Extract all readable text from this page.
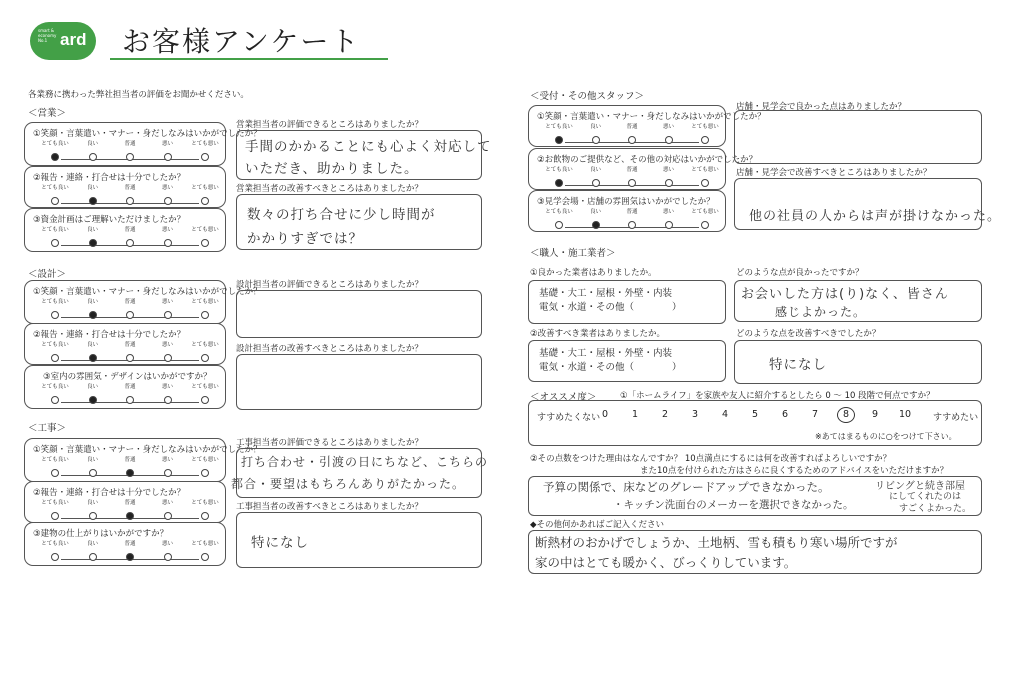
smart & economy No.1 ard お客様アンケート
各業務に携わった弊社担当者の評価をお聞かせください。
＜営業＞
①笑顔・言葉遣い・マナー・身だしなみはいかがでしたか？
とても良い	良い	普通	悪い	とても悪い
②報告・連絡・打合せは十分でしたか？
とても良い	良い	普通	悪い	とても悪い
③資金計画はご理解いただけましたか？
とても良い	良い	普通	悪い	とても悪い
営業担当者の評価できるところはありましたか？
手間のかかることにも心よく対応して
いただき、助かりました。
営業担当者の改善すべきところはありましたか？
数々の打ち合せに少し時間が
かかりすぎでは？
＜設計＞
①笑顔・言葉遣い・マナー・身だしなみはいかがでしたか？
とても良い	良い	普通	悪い	とても悪い
②報告・連絡・打合せは十分でしたか？
とても良い	良い	普通	悪い	とても悪い
③室内の雰囲気・デザインはいかがですか？
とても良い	良い	普通	悪い	とても悪い
設計担当者の評価できるところはありましたか？
設計担当者の改善すべきところはありましたか？
＜工事＞
①笑顔・言葉遣い・マナー・身だしなみはいかがでしたか？
とても良い	良い	普通	悪い	とても悪い
②報告・連絡・打合せは十分でしたか？
とても良い	良い	普通	悪い	とても悪い
③建物の仕上がりはいかがですか？
とても良い	良い	普通	悪い	とても悪い
工事担当者の評価できるところはありましたか？
打ち合わせ・引渡の日にちなど、こちらの
都合・要望はもちろんありがたかった。
工事担当者の改善すべきところはありましたか？
特になし
＜受付・その他スタッフ＞
①笑顔・言葉遣い・マナー・身だしなみはいかがでしたか？
とても良い	良い	普通	悪い	とても悪い
②お飲物のご提供など、その他の対応はいかがでしたか？
とても良い	良い	普通	悪い	とても悪い
③見学会場・店舗の雰囲気はいかがでしたか？
とても良い	良い	普通	悪い	とても悪い
店舗・見学会で良かった点はありましたか？
店舗・見学会で改善すべきところはありましたか？
他の社員の人からは声が掛けなかった。
＜職人・施工業者＞
①良かった業者はありましたか。
基礎・大工・屋根・外壁・内装
電気・水道・その他（　　　　）
どのような点が良かったですか？
お会いした方は(り)なく、皆さん
感じよかった。
②改善すべき業者はありましたか。
基礎・大工・屋根・外壁・内装
電気・水道・その他（　　　　）
どのような点を改善すべきでしたか？
特になし
＜オススメ度＞	①「ホームライフ」を家族や友人に紹介するとしたら 0 〜 10 段階で何点ですか？
すすめたくない	すすめたい
0	1	2	3	4	5	6	7	8	9	10
※あてはまるものに○をつけて下さい。
②その点数をつけた理由はなんですか？ 10点満点にするには何を改善すればよろしいですか？
また10点を付けられた方はさらに良くするためのアドバイスをいただけますか？
予算の関係で、床などのグレードアップできなかった。
・キッチン洗面台のメーカーを選択できなかった。
リビングと続き部屋
にしてくれたのは
すごくよかった。
◆その他何かあればご記入ください
断熱材のおかげでしょうか、土地柄、雪も積もり寒い場所ですが
家の中はとても暖かく、びっくりしています。
